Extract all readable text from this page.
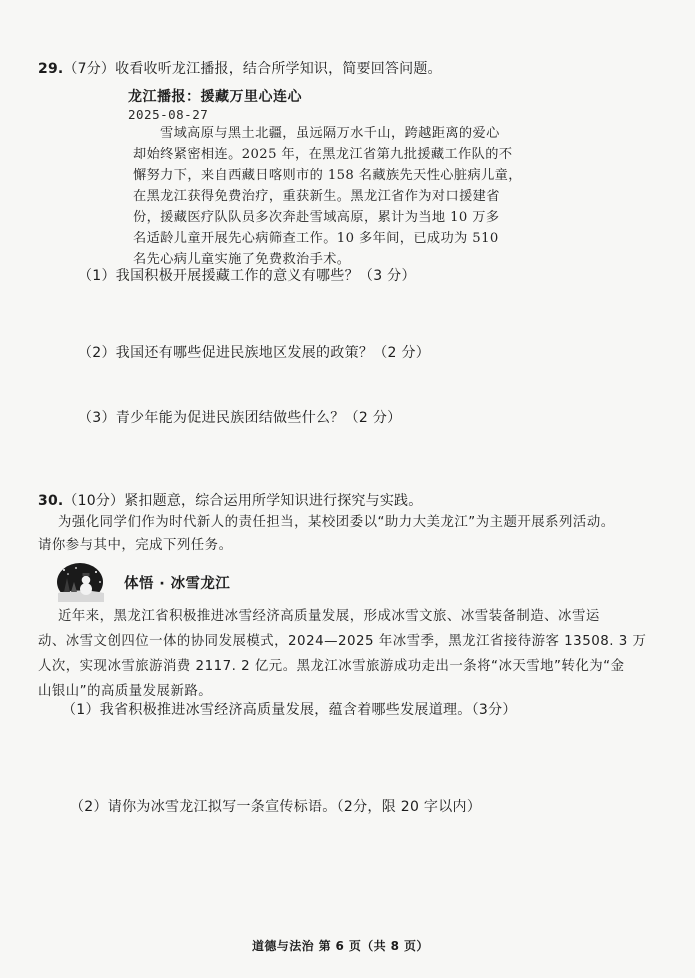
29.（7分）收看收听龙江播报，结合所学知识，简要回答问题。
龙江播报：援藏万里心连心
2025-08-27
雪域高原与黑土北疆，虽远隔万水千山，跨越距离的爱心
却始终紧密相连。2025 年，在黑龙江省第九批援藏工作队的不
懈努力下，来自西藏日喀则市的 158 名藏族先天性心脏病儿童，
在黑龙江获得免费治疗，重获新生。黑龙江省作为对口援建省
份，援藏医疗队队员多次奔赴雪域高原，累计为当地 10 万多
名适龄儿童开展先心病筛查工作。10 多年间，已成功为 510
名先心病儿童实施了免费救治手术。
（1）我国积极开展援藏工作的意义有哪些？（3 分）
（2）我国还有哪些促进民族地区发展的政策？（2 分）
（3）青少年能为促进民族团结做些什么？（2 分）
30.（10分）紧扣题意，综合运用所学知识进行探究与实践。
为强化同学们作为时代新人的责任担当，某校团委以“助力大美龙江”为主题开展系列活动。
请你参与其中，完成下列任务。
体悟 · 冰雪龙江
近年来，黑龙江省积极推进冰雪经济高质量发展，形成冰雪文旅、冰雪装备制造、冰雪运
动、冰雪文创四位一体的协同发展模式，2024—2025 年冰雪季，黑龙江省接待游客 13508. 3 万
人次，实现冰雪旅游消费 2117. 2 亿元。黑龙江冰雪旅游成功走出一条将“冰天雪地”转化为“金
山银山”的高质量发展新路。
（1）我省积极推进冰雪经济高质量发展，蕴含着哪些发展道理。（3分）
（2）请你为冰雪龙江拟写一条宣传标语。（2分，限 20 字以内）
道德与法治 第 6 页（共 8 页）
